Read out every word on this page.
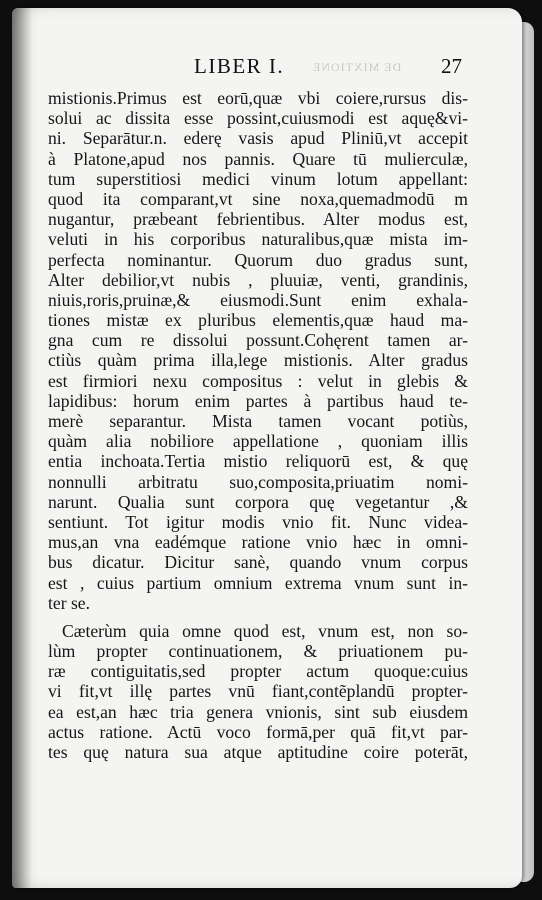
DE MIXTIONE
LIBER I.	27
mistionis.Primus est eorū,quæ vbi coiere,rursus dis-
solui ac dissita esse possint,cuiusmodi est aquę&vi-
ni. Separātur.n. ederę vasis apud Pliniū,vt accepit
à Platone,apud nos pannis. Quare tū mulierculæ,
tum superstitiosi medici vinum lotum appellant:
quod ita comparant,vt sine noxa,quemadmodū m
nugantur, præbeant febrientibus. Alter modus est,
veluti in his corporibus naturalibus,quæ mista im-
perfecta nominantur. Quorum duo gradus sunt,
Alter debilior,vt nubis , pluuiæ, venti, grandinis,
niuis,roris,pruinæ,& eiusmodi.Sunt enim exhala-
tiones mistæ ex pluribus elementis,quæ haud ma-
gna cum re dissolui possunt.Cohęrent tamen ar-
ctiùs quàm prima illa,lege mistionis. Alter gradus
est firmiori nexu compositus : velut in glebis &
lapidibus: horum enim partes à partibus haud te-
merè separantur. Mista tamen vocant potiùs,
quàm alia nobiliore appellatione , quoniam illis
entia inchoata.Tertia mistio reliquorū est, & quę
nonnulli arbitratu suo,composita,priuatim nomi-
narunt. Qualia sunt corpora quę vegetantur ,&
sentiunt. Tot igitur modis vnio fit. Nunc videa-
mus,an vna eadémque ratione vnio hæc in omni-
bus dicatur. Dicitur sanè, quando vnum corpus
est , cuius partium omnium extrema vnum sunt in-
ter se.
Cæterùm quia omne quod est, vnum est, non so-
lùm propter continuationem, & priuationem pu-
ræ contiguitatis,sed propter actum quoque:cuius
vi fit,vt illę partes vnū fiant,contẽplandū propter-
ea est,an hæc tria genera vnionis, sint sub eiusdem
actus ratione. Actū voco formā,per quā fit,vt par-
tes quę natura sua atque aptitudine coire poterāt,
